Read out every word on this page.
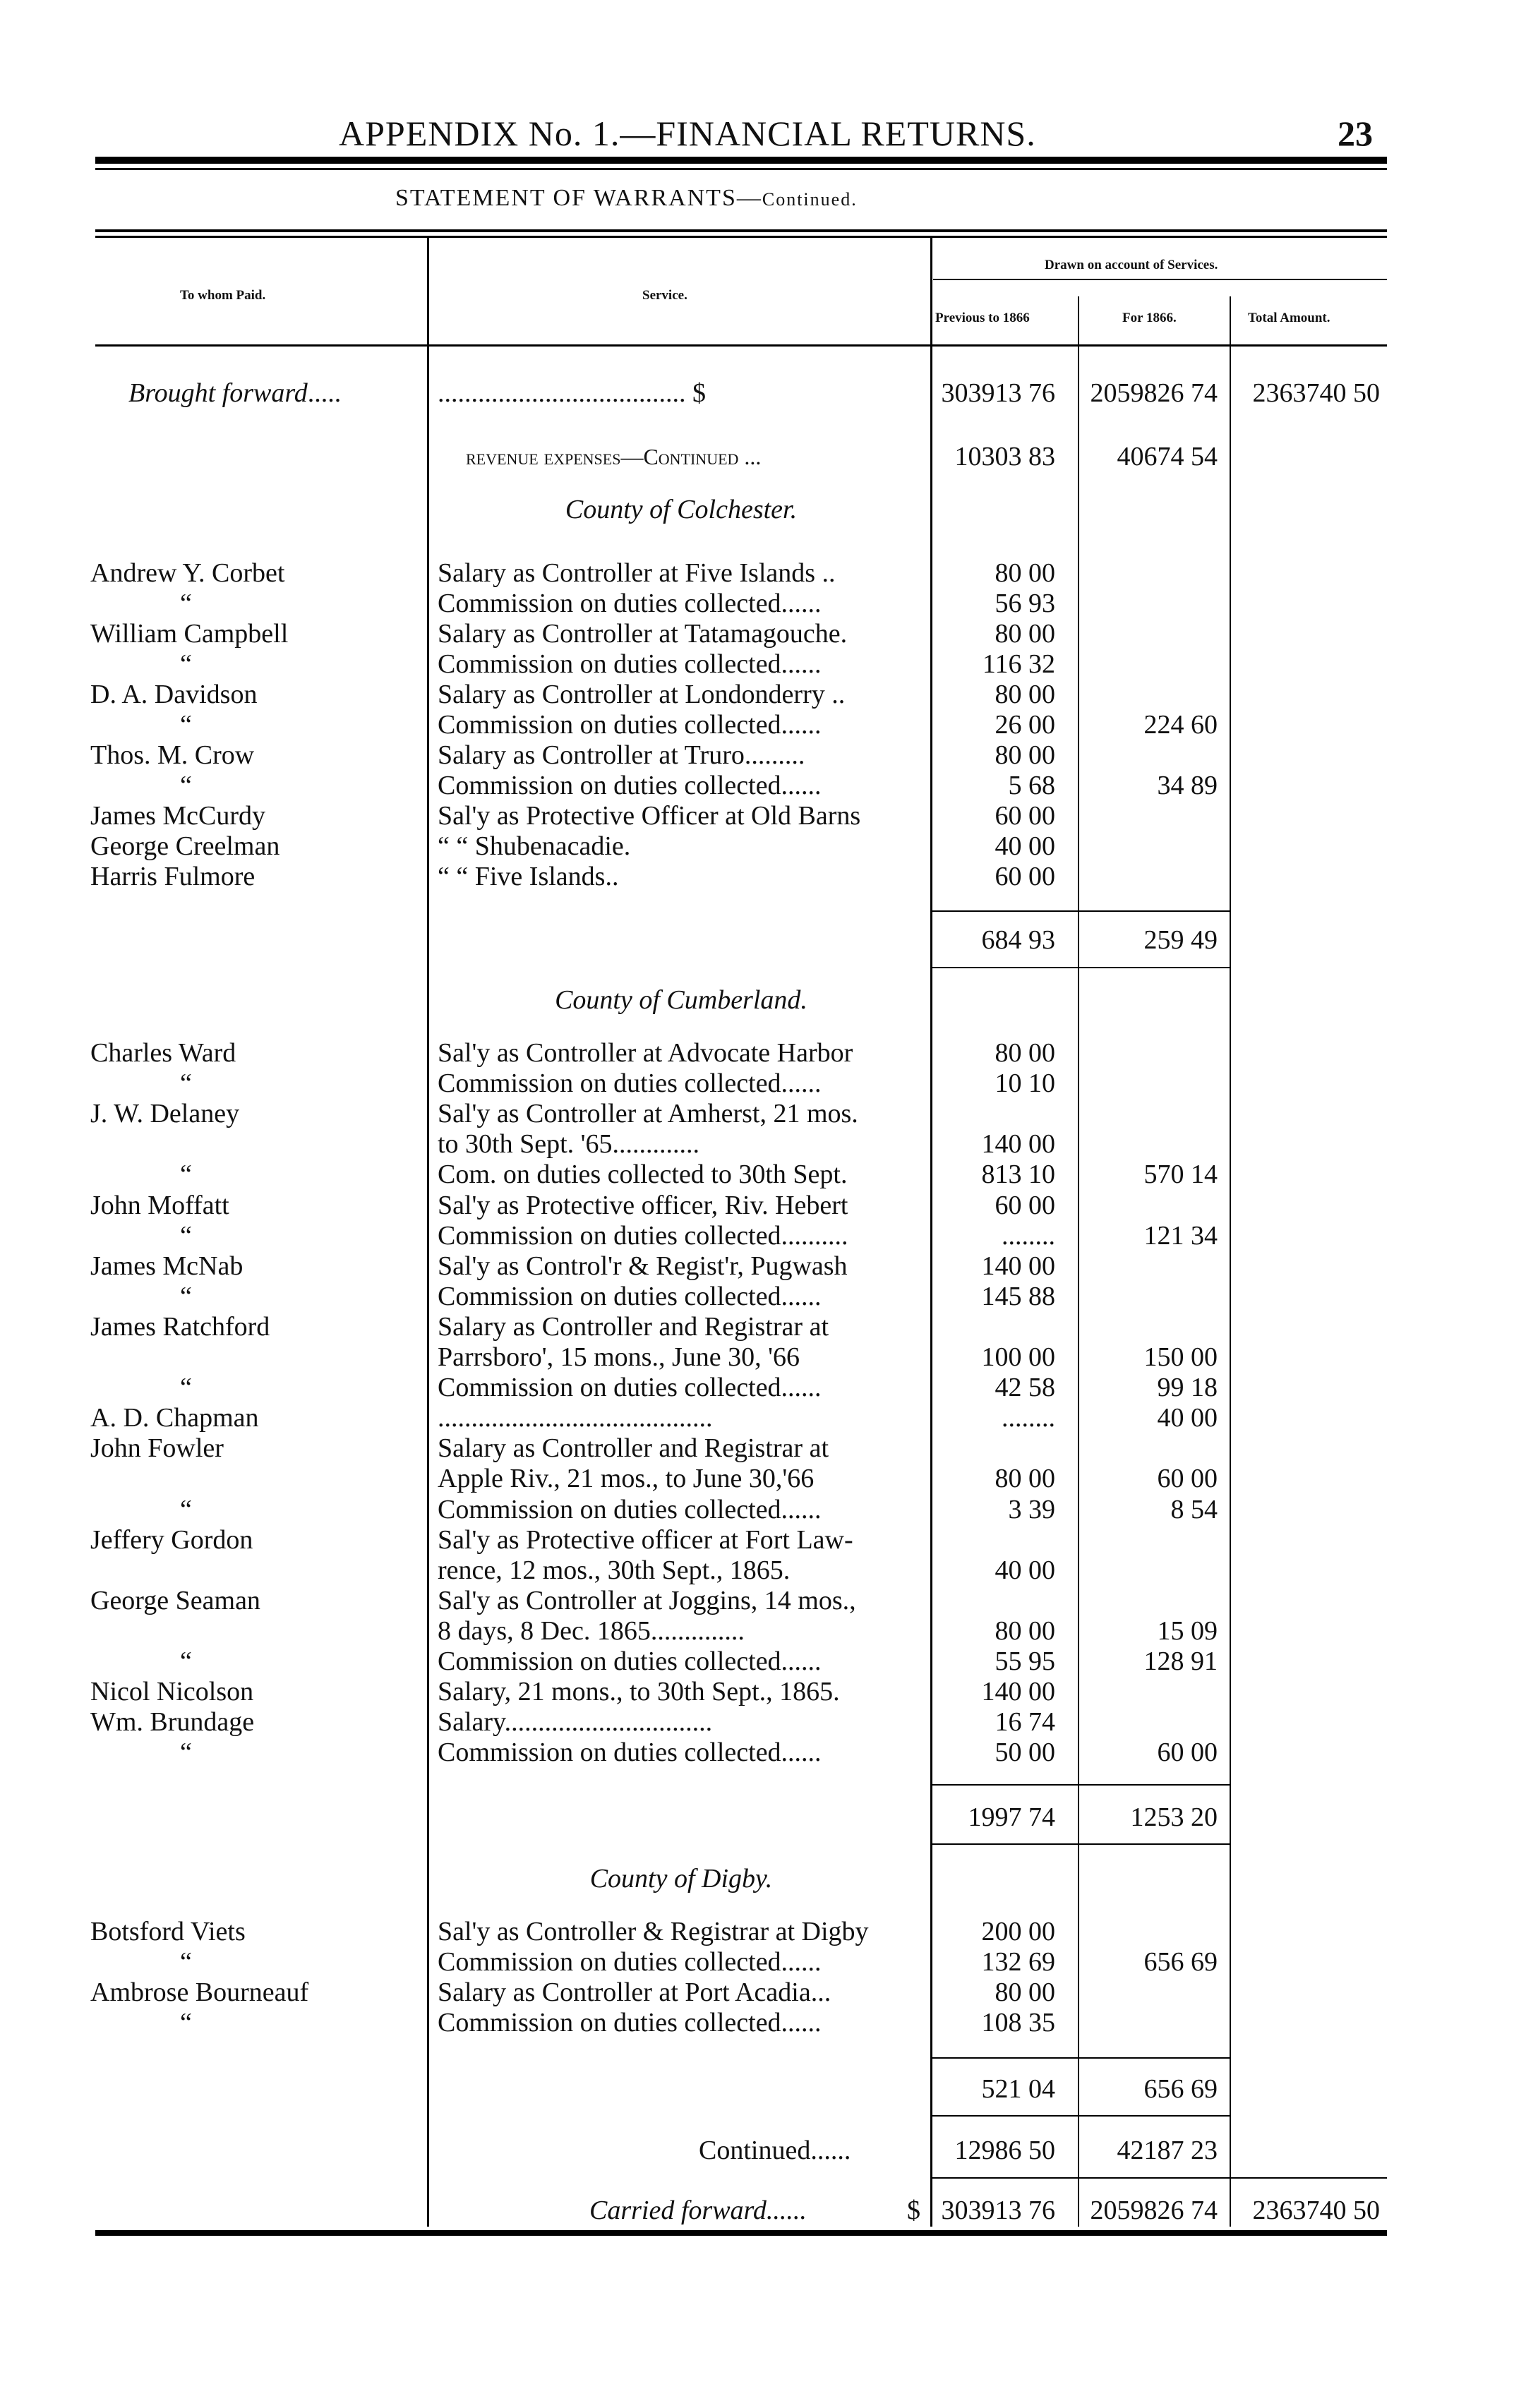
APPENDIX No. 1.—FINANCIAL RETURNS.	23
STATEMENT OF WARRANTS—Continued.
To whom Paid.	Service.
Drawn on account of Services.
Previous to 1866	For 1866.	Total Amount.
Brought forward.....	..................................... $	303913 76	2059826 74	2363740 50
revenue expenses—Continued ...	10303 83	40674 54
County of Colchester.
Andrew Y. Corbet	Salary as Controller at Five Islands ..	80 00
“	Commission on duties collected......	56 93
William Campbell	Salary as Controller at Tatamagouche.	80 00
“	Commission on duties collected......	116 32
D. A. Davidson	Salary as Controller at Londonderry ..	80 00
“	Commission on duties collected......	26 00	224 60
Thos. M. Crow	Salary as Controller at Truro.........	80 00
“	Commission on duties collected......	5 68	34 89
James McCurdy	Sal'y as Protective Officer at Old Barns	60 00
George Creelman	“ “ Shubenacadie.	40 00
Harris Fulmore	“ “ Five Islands..	60 00
684 93	259 49
County of Cumberland.
Charles Ward	Sal'y as Controller at Advocate Harbor	80 00
“	Commission on duties collected......	10 10
J. W. Delaney	Sal'y as Controller at Amherst, 21 mos.
to 30th Sept. '65.............	140 00
“	Com. on duties collected to 30th Sept.	813 10	570 14
John Moffatt	Sal'y as Protective officer, Riv. Hebert	60 00
“	Commission on duties collected..........	........	121 34
James McNab	Sal'y as Control'r & Regist'r, Pugwash	140 00
“	Commission on duties collected......	145 88
James Ratchford	Salary as Controller and Registrar at
Parrsboro', 15 mons., June 30, '66	100 00	150 00
“	Commission on duties collected......	42 58	99 18
A. D. Chapman	.........................................	........	40 00
John Fowler	Salary as Controller and Registrar at
Apple Riv., 21 mos., to June 30,'66	80 00	60 00
“	Commission on duties collected......	3 39	8 54
Jeffery Gordon	Sal'y as Protective officer at Fort Law-
rence, 12 mos., 30th Sept., 1865.	40 00
George Seaman	Sal'y as Controller at Joggins, 14 mos.,
8 days, 8 Dec. 1865..............	80 00	15 09
“	Commission on duties collected......	55 95	128 91
Nicol Nicolson	Salary, 21 mons., to 30th Sept., 1865.	140 00
Wm. Brundage	Salary...............................	16 74
“	Commission on duties collected......	50 00	60 00
1997 74	1253 20
County of Digby.
Botsford Viets	Sal'y as Controller & Registrar at Digby	200 00
“	Commission on duties collected......	132 69	656 69
Ambrose Bourneauf	Salary as Controller at Port Acadia...	80 00
“	Commission on duties collected......	108 35
521 04	656 69
Continued......	12986 50	42187 23
Carried forward......	$ 303913 76	2059826 74	2363740 50
